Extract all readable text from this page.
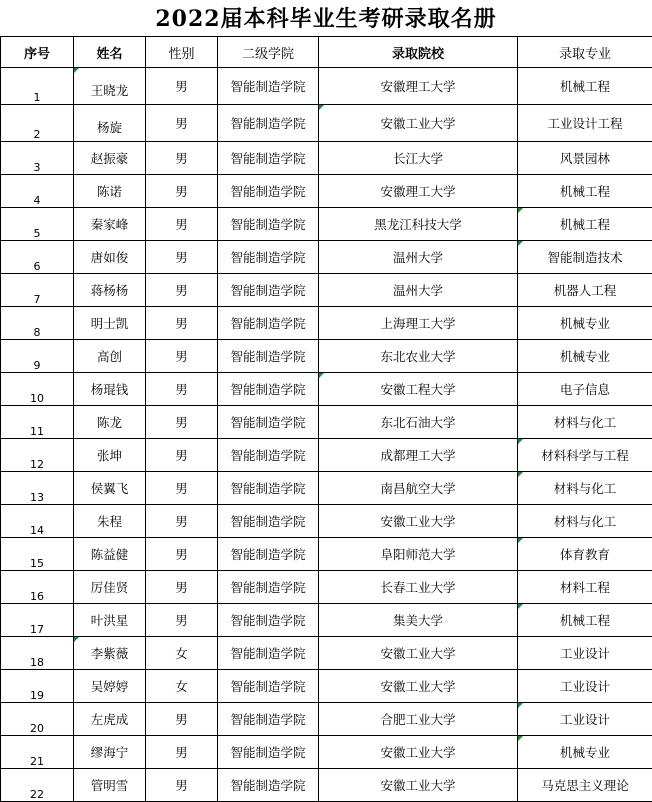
2022届本科毕业生考研录取名册
序号	姓名	性别	二级学院	录取院校	录取专业
1	王晓龙	男	智能制造学院	安徽理工大学	机械工程
2	杨旋	男	智能制造学院	安徽工业大学	工业设计工程
3	赵振豪	男	智能制造学院	长江大学	风景园林
4	陈诺	男	智能制造学院	安徽理工大学	机械工程
5	秦家峰	男	智能制造学院	黑龙江科技大学	机械工程
6	唐如俊	男	智能制造学院	温州大学	智能制造技术
7	蒋杨杨	男	智能制造学院	温州大学	机器人工程
8	明士凯	男	智能制造学院	上海理工大学	机械专业
9	高创	男	智能制造学院	东北农业大学	机械专业
10	杨琨钱	男	智能制造学院	安徽工程大学	电子信息
11	陈龙	男	智能制造学院	东北石油大学	材料与化工
12	张坤	男	智能制造学院	成都理工大学	材料科学与工程
13	侯翼飞	男	智能制造学院	南昌航空大学	材料与化工
14	朱程	男	智能制造学院	安徽工业大学	材料与化工
15	陈益健	男	智能制造学院	阜阳师范大学	体育教育
16	厉佳贤	男	智能制造学院	长春工业大学	材料工程
17	叶洪星	男	智能制造学院	集美大学	机械工程
18	李紫薇	女	智能制造学院	安徽工业大学	工业设计
19	吴婷婷	女	智能制造学院	安徽工业大学	工业设计
20	左虎成	男	智能制造学院	合肥工业大学	工业设计
21	缪海宁	男	智能制造学院	安徽工业大学	机械专业
22	管明雪	男	智能制造学院	安徽工业大学	马克思主义理论
